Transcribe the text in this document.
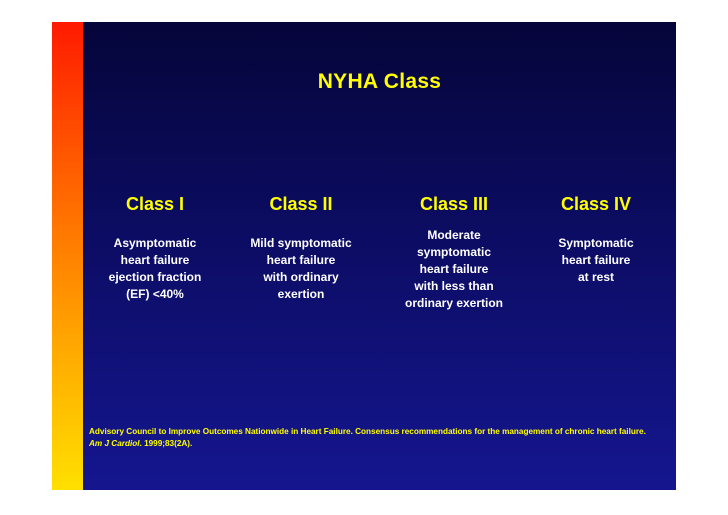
NYHA Class
Class I
Asymptomatic
heart failure
ejection fraction
(EF) <40%
Class II
Mild symptomatic
heart failure
with ordinary
exertion
Class III
Moderate
symptomatic
heart failure
with less than
ordinary exertion
Class IV
Symptomatic
heart failure
at rest
Advisory Council to Improve Outcomes Nationwide in Heart Failure. Consensus recommendations for the management of chronic heart failure. Am J Cardiol. 1999;83(2A).
